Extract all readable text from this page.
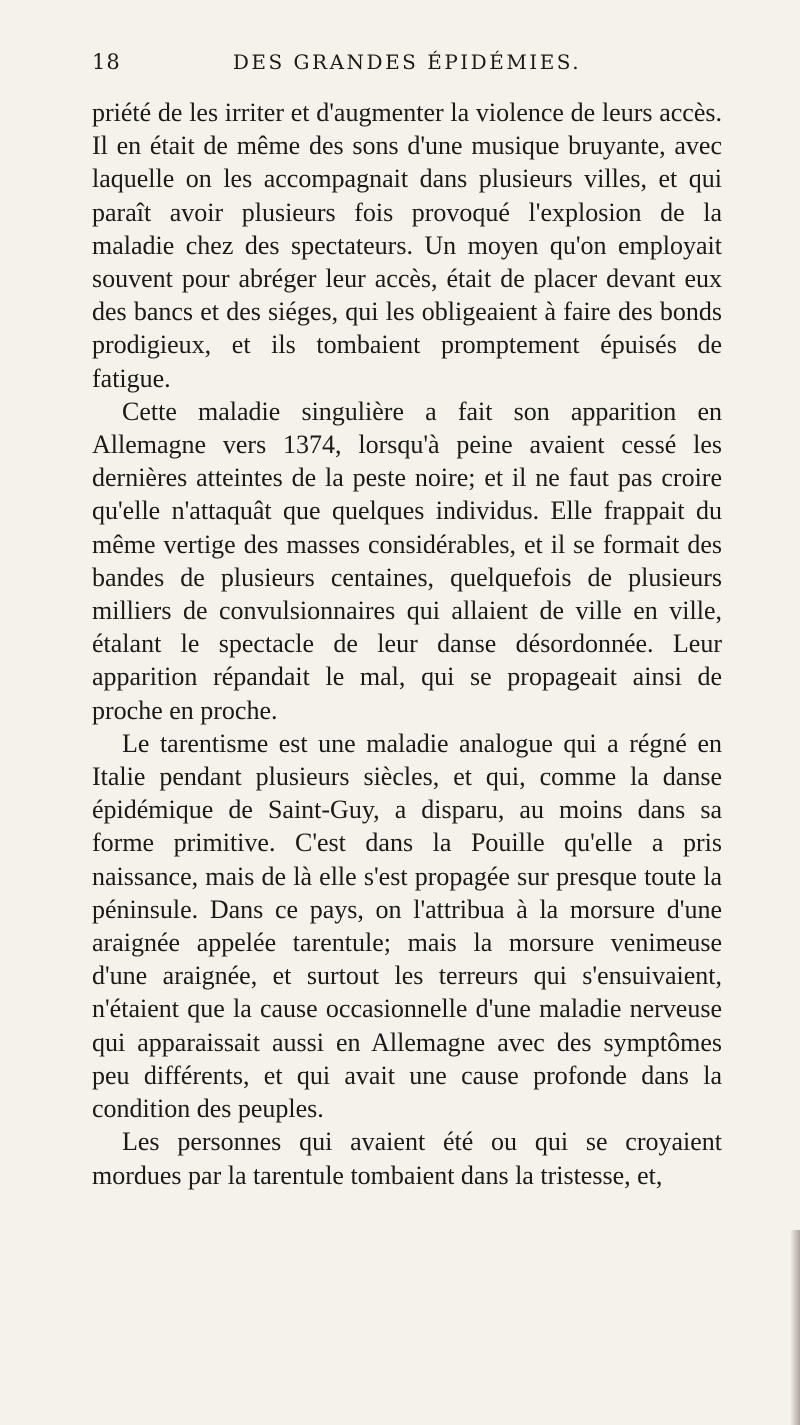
18	DES GRANDES ÉPIDÉMIES.

priété de les irriter et d'augmenter la violence de leurs accès. Il en était de même des sons d'une musique bruyante, avec laquelle on les accompagnait dans plusieurs villes, et qui paraît avoir plusieurs fois provoqué l'explosion de la maladie chez des spectateurs. Un moyen qu'on employait souvent pour abréger leur accès, était de placer devant eux des bancs et des siéges, qui les obligeaient à faire des bonds prodigieux, et ils tombaient promptement épuisés de fatigue.

Cette maladie singulière a fait son apparition en Allemagne vers 1374, lorsqu'à peine avaient cessé les dernières atteintes de la peste noire; et il ne faut pas croire qu'elle n'attaquât que quelques individus. Elle frappait du même vertige des masses considérables, et il se formait des bandes de plusieurs centaines, quelquefois de plusieurs milliers de convulsionnaires qui allaient de ville en ville, étalant le spectacle de leur danse désordonnée. Leur apparition répandait le mal, qui se propageait ainsi de proche en proche.

Le tarentisme est une maladie analogue qui a régné en Italie pendant plusieurs siècles, et qui, comme la danse épidémique de Saint-Guy, a disparu, au moins dans sa forme primitive. C'est dans la Pouille qu'elle a pris naissance, mais de là elle s'est propagée sur presque toute la péninsule. Dans ce pays, on l'attribua à la morsure d'une araignée appelée tarentule; mais la morsure venimeuse d'une araignée, et surtout les terreurs qui s'ensuivaient, n'étaient que la cause occasionnelle d'une maladie nerveuse qui apparaissait aussi en Allemagne avec des symptômes peu différents, et qui avait une cause profonde dans la condition des peuples.

Les personnes qui avaient été ou qui se croyaient mordues par la tarentule tombaient dans la tristesse, et,
